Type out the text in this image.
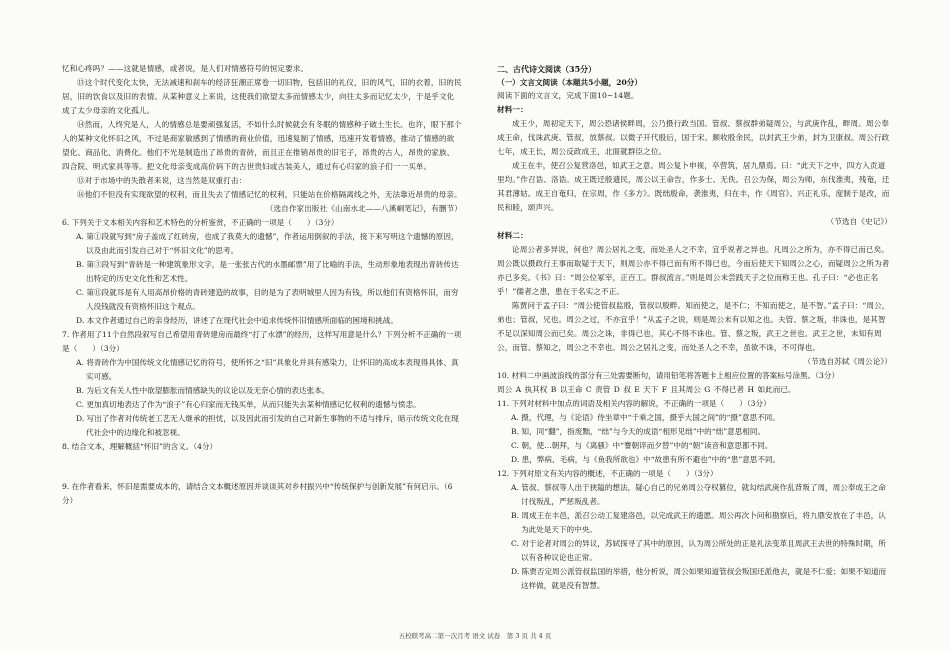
忆和心疼吗？——这就是情感，或者说，是人们对情感符号的恒定要求。

⑬这个时代变化太快，无法减速和刹车的经济狂潮正席卷一切旧物，包括旧的礼仪，旧的风气，旧的衣着，旧的民居，旧的饮食以及旧的表情。从某种意义上来说，这使我们欲望太多而情感太少，向往太多而记忆太少，于是乎文化成了太少母亲的文化孤儿。

⑭然而，人终究是人，人的情感总是要顽强复活，不如什么时候就会有冬眠的情感种子破土生长。也许，眼下那个人的某种文化怀旧之风，不过是商家敏感到了情感的商业价值，迅速复制了情感，迅速开发着情感，推动了情感的欲望化、商品化、消费化。他们不光是制造出了昂贵的青砖，而且正在推销昂贵的旧宅子，昂贵的古人，昂贵的家族、四合院、明式家具等等。把文化母亲变成高价码下的古世贵妇或古装美人，通过有心归家的浪子们一一买单。

⑮对于市场中的失散者来说，这当然是双重打击：

⑯他们不但没有实现欲望的权利，而且失去了情感记忆的权利，只能站在价格隔离线之外，无法靠近昂贵的母亲。

（选自作家出版社《山南水北——八溪峒笔记》，有删节）

6. 下列关于文本相关内容和艺术特色的分析鉴赏，不正确的一项是（　　）（3分）

A. 第①段就写到“房子盖成了红砖房，也成了我莫大的遗憾”，作者运用倒叙的手法，接下来写明这个遗憾的原因，以及由此而引发自己对于“怀旧文化”的思考。

B. 第③段写到“青砖是一种建筑象形文字，是一张张古代的水墨邮票”用了比喻的手法，生动形象地表现出青砖传达出特定的历史文化性和艺术性。

C. 第⑪段就耳是有人用高昂价格的青砖建造的故事，目的是为了表明城里人因为有钱，所以他们有资格怀旧，而穷人没钱就没有资格怀旧这个观点。

D. 本文作者通过自己的亲身经历，讲述了在现代社会中追求传统怀旧情感所面临的困境和挑战。

7. 作者用了11个自然段叙写自己希望用青砖建房而最终“打了水漂”的经历，这样写用意是什么？下列分析不正确的一项是（　　）（3分）

A. 将青砖作为中国传统文化情感记忆的符号，使所怀之“旧”具象化并具有感染力，让怀旧的高成本表现得具体、真实可感。

B. 为后文有关人性中欲望膨胀而情感缺失的议论以及无奈心情的表达张本。

C. 更加真切地表达了作为“浪子”有心归家而无钱买单，从而只能失去某种情感记忆权利的遗憾与愤恚。

D. 写出了作者对传统老工艺无人继承的担忧，以及因此而引发的自己对新生事物的不适与排斥，暗示传统文化在现代社会中的边缘化和被忽视。

8. 结合文本，理解概括“怀旧”的含义。（4分）

9. 在作者看来，怀旧是需要成本的，请结合文本概述原因并谈谈其对乡村振兴中“传统保护与创新发展”有何启示。（6分）

二、古代诗文阅读（35分）

（一）文言文阅读（本题共5小题，20分）

阅读下面的文言文，完成下面10~14题。

材料一：

成王少，周初定天下，周公恐诸侯畔周，公乃摄行政当国。管叔、蔡叔群弟疑周公，与武庚作乱，畔周。周公奉成王命，伐诛武庚、管叔，放蔡叔。以微子开代殷后，国于宋。颇收殷余民，以封武王少弟，封为卫康叔。周公行政七年，成王长，周公反政成王，北面就群臣之位。

成王在丰，使召公复营洛邑，如武王之意。周公复卜申视，卒营筑，居九鼎焉。曰：“此天下之中，四方入贡道里均。”作召诰、洛诰。成王既迁殷遗民，周公以王命告，作多士、无佚。召公为保，周公为师，东伐淮夷，残奄，迁其君薄姑。成王自奄归，在宗周，作《多方》。既绌殷命，袭淮夷，归在丰，作《周官》。兴正礼乐，度制于是改，而民和睦，颂声兴。

（节选自《史记》）

材料二：

论周公者多异说，何也？周公居礼之变，而处圣人之不幸，宜乎说者之异也。凡周公之所为，亦不得已而已矣。周公既以摄政行王事而取疑于天下，则周公亦不得已而有所不得已也，今而后使天下知周公之心，而疑周公之所为者亦已多矣。《书》曰：“周公位冢宰，正百工。群叔流言。”则是周公未尝践天子之位而称王也。孔子曰：“必也正名乎！”儒者之患，患在于名实之不正。

陈贾问于孟子曰：“周公使管叔监殷，管叔以殷畔。知而使之，是不仁；不知而使之，是不智。”孟子曰：“周公，弟也；管叔，兄也。周公之过，不亦宜乎！”从孟子之说，则是周公未有以知之也。夫管、蔡之叛，非诛也，是其智不足以深知周公而已矣。周公之诛，非得已也，其心不得不诛也。管、蔡之叛，武王之世也。武王之世，未知有周公，而管、蔡知之，周公之不幸也。周公之居礼之变，而处圣人之不幸，虽欲不诛，不可得也。

（节选自苏轼《周公论》）

10. 材料二中画波浪线的部分有三处需要断句，请用铅笔将答题卡上相应位置的答案标号涂黑。（3分）

周公 A 执其权 B 以王命 C 责管 D 叔 E 天下 F 且其周公 G 不得已者 H 如此而已。

11. 下列对材料中加点的词语及相关内容的解说，不正确的一项是（　　）（3分）

A. 摄，代理，与《论语》侍坐章中“千乘之国，摄乎大国之间”的“摄”意思不同。

B. 知，同“翻”，指废黜，“绌”与今天的成语“相形见绌”中的“绌”意思相同。

C. 朝，使…朝拜，与《离骚》中“謇朝谇而夕替”中的“朝”读音和意思都不同。

D. 患，弊病、毛病，与《鱼我所欲也》中“故患有所不避也”中的“患”意思不同。

12. 下列对原文有关内容的概述，不正确的一项是（　　）（3分）

A. 管叔、蔡叔等人出于狭隘的想法，疑心自己的兄弟周公夺权篡位，就勾结武庚作乱背叛了周，周公奉成王之命讨伐叛乱，严惩叛乱者。

B. 周成王在丰邑，派召公动工复建洛邑，以完成武王的遗愿。周公再次卜问和勘察后，将九鼎安放在了丰邑，认为此处是天下的中央。

C. 对于论者对周公的异议，苏轼探寻了其中的原因，认为周公所处的正是礼法变革且周武王去世的特殊时期，所以有各种议论也正常。

D. 陈贾否定周公派管叔监国的举措，他分析说，周公如果知道管叔会叛国还派他去，就是不仁爱；如果不知道而这样做，就是没有智慧。

五校联考高二第一次月考 语文 试卷　第 3 页 共 4 页
